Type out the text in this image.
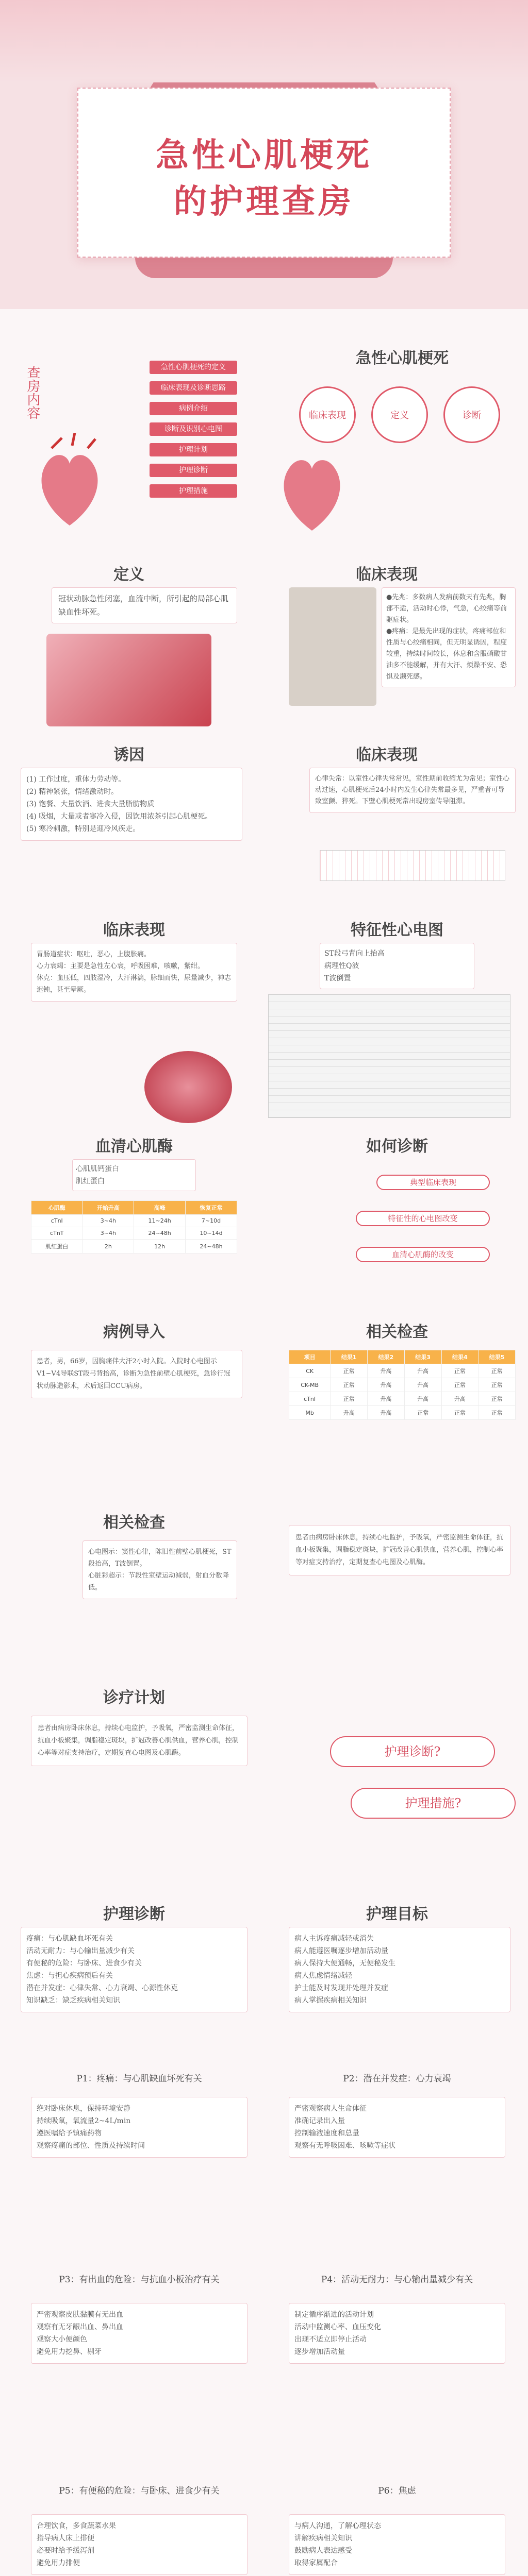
急性心肌梗死
的护理查房
查房内容	急性心肌梗死的定义
临床表现及诊断思路
病例介绍
诊断及识别心电图
护理计划
护理诊断
护理措施
急性心肌梗死
临床表现	定义	诊断
定义
冠状动脉急性闭塞，血流中断，所引起的局部心肌缺血性坏死。
临床表现
●先兆：多数病人发病前数天有先兆，胸部不适，活动时心悸，气急，心绞痛等前驱症状。
●疼痛：是最先出现的症状，疼痛部位和性质与心绞痛相同，但无明显诱因，程度较重，持续时间较长，休息和含服硝酸甘油多不能缓解，并有大汗、烦躁不安、恐惧及濒死感。
诱因
(1) 工作过度，重体力劳动等。
(2) 精神紧张，情绪激动时。
(3) 饱餐、大量饮酒、进食大量脂肪物质
(4) 吸烟，大量或者寒冷入侵，因饮用浓茶引起心肌梗死。
(5) 寒冷刺激，特别是迎冷风疾走。
临床表现
心律失常：以室性心律失常常见，室性期前收缩尤为常见；室性心动过速，心肌梗死后24小时内发生心律失常最多见，严重者可导致室颤、猝死。下壁心肌梗死常出现房室传导阻滞。
临床表现
胃肠道症状：呕吐，恶心，上腹胀痛。
心力衰竭：主要是急性左心衰，呼吸困难，咳嗽，紫绀。
休克：血压低，四肢湿冷，大汗淋漓，脉细而快，尿量减少，神志迟钝，甚至晕厥。
特征性心电图
ST段弓背向上抬高
病理性Q波
T波倒置
血清心肌酶
心肌肌钙蛋白
肌红蛋白
心肌酶	开始升高	高峰	恢复正常
cTnI	3~4h	11~24h	7~10d
cTnT	3~4h	24~48h	10~14d
肌红蛋白	2h	12h	24~48h
如何诊断
典型临床表现
特征性的心电图改变
血清心肌酶的改变
病例导入
患者，男，66岁，因胸痛伴大汗2小时入院。入院时心电图示V1~V4导联ST段弓背抬高，诊断为急性前壁心肌梗死，急诊行冠状动脉造影术，术后返回CCU病房。
相关检查
项目	结果1	结果2	结果3	结果4	结果5
CK	正常	升高	升高	正常	正常
CK-MB	正常	升高	升高	正常	正常
cTnI	正常	升高	升高	升高	正常
Mb	升高	升高	正常	正常	正常
相关检查
心电图示：窦性心律，陈旧性前壁心肌梗死，ST段抬高，T波倒置。
心脏彩超示：节段性室壁运动减弱，射血分数降低。
患者由病房卧床休息，持续心电监护，予吸氧，严密监测生命体征，抗血小板聚集，调脂稳定斑块，扩冠改善心肌供血，营养心肌，控制心率等对症支持治疗，定期复查心电图及心肌酶。
诊疗计划
患者由病房卧床休息，持续心电监护，予吸氧，严密监测生命体征，抗血小板聚集，调脂稳定斑块，扩冠改善心肌供血，营养心肌，控制心率等对症支持治疗，定期复查心电图及心肌酶。	护理诊断?
护理措施?
护理诊断
疼痛：与心肌缺血坏死有关
活动无耐力：与心输出量减少有关
有便秘的危险：与卧床、进食少有关
焦虑：与担心疾病预后有关
潜在并发症：心律失常、心力衰竭、心源性休克
知识缺乏：缺乏疾病相关知识
护理目标
病人主诉疼痛减轻或消失
病人能遵医嘱逐步增加活动量
病人保持大便通畅，无便秘发生
病人焦虑情绪减轻
护士能及时发现并处理并发症
病人掌握疾病相关知识
P1：疼痛：与心肌缺血坏死有关
绝对卧床休息，保持环境安静
持续吸氧，氧流量2~4L/min
遵医嘱给予镇痛药物
观察疼痛的部位、性质及持续时间
P2：潜在并发症：心力衰竭
严密观察病人生命体征
准确记录出入量
控制输液速度和总量
观察有无呼吸困难、咳嗽等症状
P3：有出血的危险：与抗血小板治疗有关
严密观察皮肤黏膜有无出血
观察有无牙龈出血、鼻出血
观察大小便颜色
避免用力挖鼻、剔牙
P4：活动无耐力：与心输出量减少有关
制定循序渐进的活动计划
活动中监测心率、血压变化
出现不适立即停止活动
逐步增加活动量
P5：有便秘的危险：与卧床、进食少有关
合理饮食，多食蔬菜水果
指导病人床上排便
必要时给予缓泻剂
避免用力排便
P6：焦虑
与病人沟通，了解心理状态
讲解疾病相关知识
鼓励病人表达感受
取得家属配合
